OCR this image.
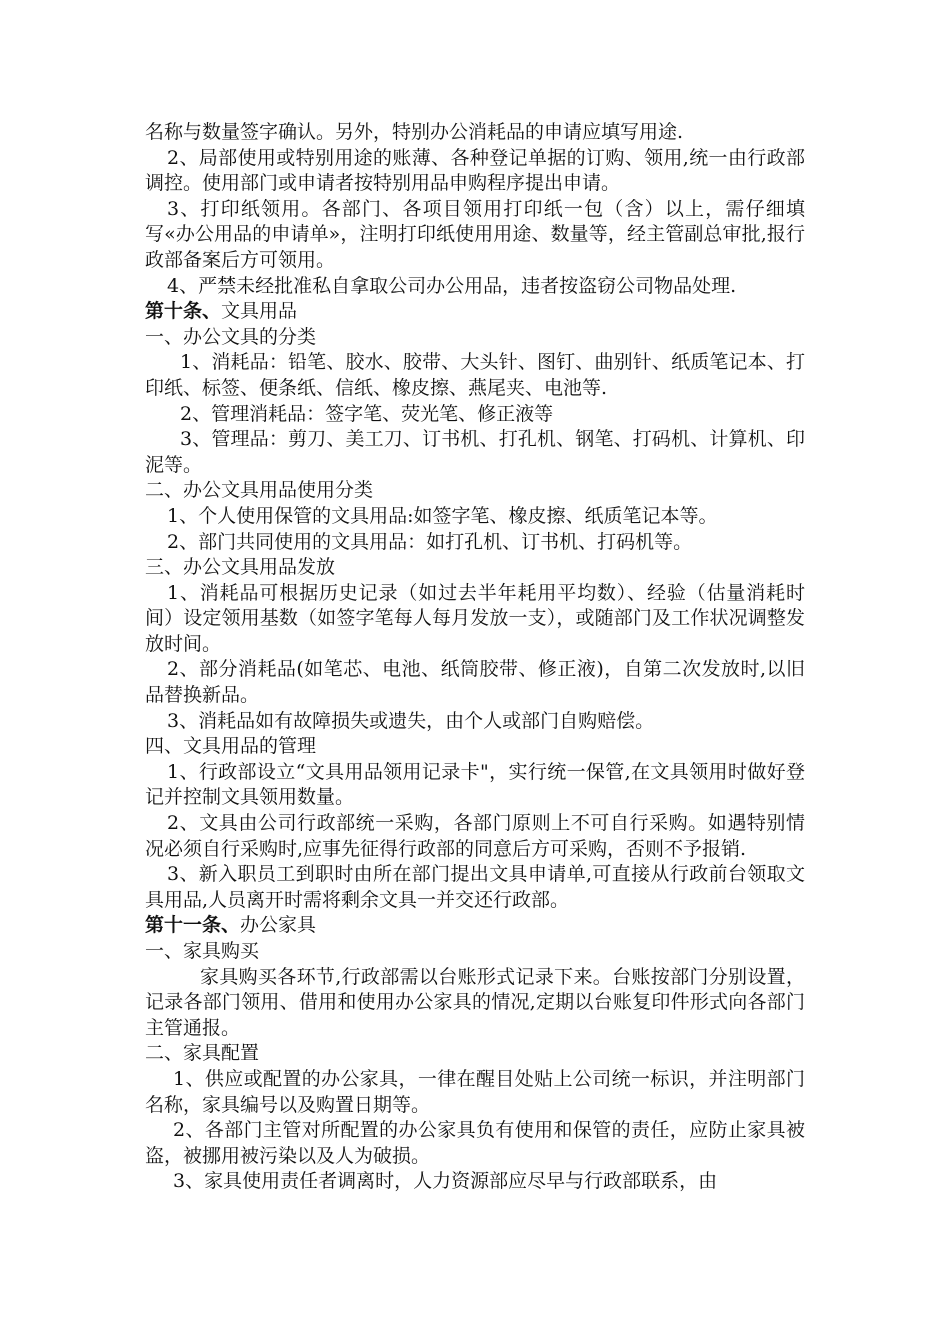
名称与数量签字确认。另外，特别办公消耗品的申请应填写用途.

2、局部使用或特别用途的账薄、各种登记单据的订购、领用,统一由行政部调控。使用部门或申请者按特别用品申购程序提出申请。

3、打印纸领用。各部门、各项目领用打印纸一包（含）以上，需仔细填写«办公用品的申请单»，注明打印纸使用用途、数量等，经主管副总审批,报行政部备案后方可领用。

4、严禁未经批准私自拿取公司办公用品，违者按盗窃公司物品处理.

第十条、文具用品

一、办公文具的分类

1、消耗品：铅笔、胶水、胶带、大头针、图钉、曲别针、纸质笔记本、打印纸、标签、便条纸、信纸、橡皮擦、燕尾夹、电池等.

2、管理消耗品：签字笔、荧光笔、修正液等

3、管理品：剪刀、美工刀、订书机、打孔机、钢笔、打码机、计算机、印泥等。

二、办公文具用品使用分类

1、个人使用保管的文具用品:如签字笔、橡皮擦、纸质笔记本等。

2、部门共同使用的文具用品：如打孔机、订书机、打码机等。

三、办公文具用品发放

1、消耗品可根据历史记录（如过去半年耗用平均数）、经验（估量消耗时间）设定领用基数（如签字笔每人每月发放一支），或随部门及工作状况调整发放时间。

2、部分消耗品(如笔芯、电池、纸筒胶带、修正液)，自第二次发放时,以旧品替换新品。

3、消耗品如有故障损失或遗失，由个人或部门自购赔偿。

四、文具用品的管理

1、行政部设立“文具用品领用记录卡"，实行统一保管,在文具领用时做好登记并控制文具领用数量。

2、文具由公司行政部统一采购，各部门原则上不可自行采购。如遇特别情况必须自行采购时,应事先征得行政部的同意后方可采购，否则不予报销.

3、新入职员工到职时由所在部门提出文具申请单,可直接从行政前台领取文具用品,人员离开时需将剩余文具一并交还行政部。

第十一条、办公家具

一、家具购买

家具购买各环节,行政部需以台账形式记录下来。台账按部门分别设置，记录各部门领用、借用和使用办公家具的情况,定期以台账复印件形式向各部门主管通报。

二、家具配置

1、供应或配置的办公家具，一律在醒目处贴上公司统一标识，并注明部门名称，家具编号以及购置日期等。

2、各部门主管对所配置的办公家具负有使用和保管的责任，应防止家具被盗，被挪用被污染以及人为破损。

3、家具使用责任者调离时，人力资源部应尽早与行政部联系，由
